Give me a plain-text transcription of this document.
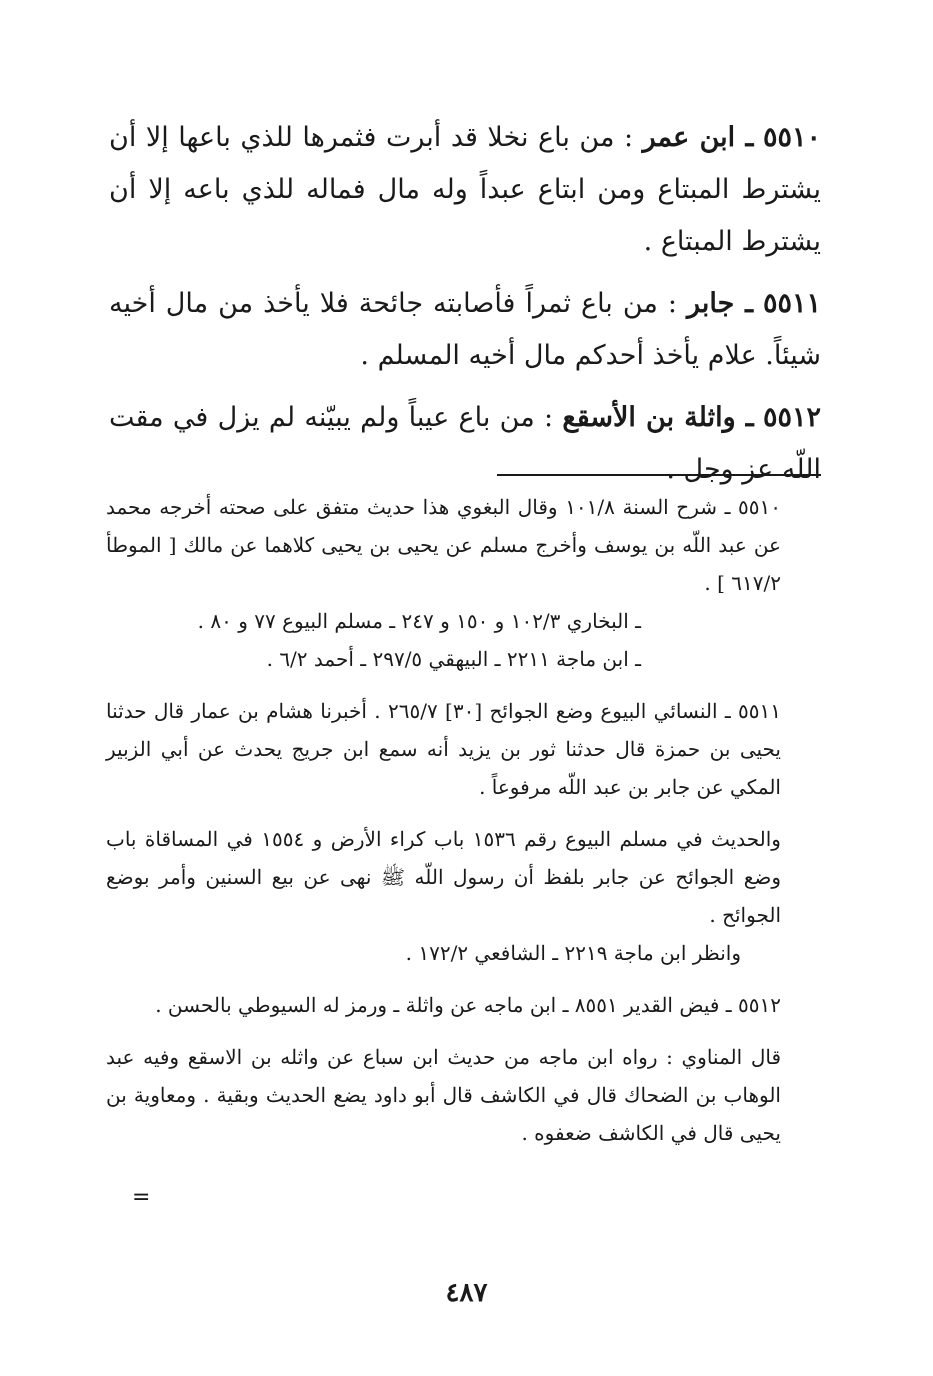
٥٥١٠ ـ ابن عمر : من باع نخلا قد أبرت فثمرها للذي باعها إلا أن يشترط المبتاع ومن ابتاع عبداً وله مال فماله للذي باعه إلا أن يشترط المبتاع .

٥٥١١ ـ جابر : من باع ثمراً فأصابته جائحة فلا يأخذ من مال أخيه شيئاً. علام يأخذ أحدكم مال أخيه المسلم .

٥٥١٢ ـ واثلة بن الأسقع : من باع عيباً ولم يبيّنه لم يزل في مقت اللّه عز وجل .

٥٥١٠ ـ شرح السنة ١٠١/٨ وقال البغوي هذا حديث متفق على صحته أخرجه محمد عن عبد اللّه بن يوسف وأخرج مسلم عن يحيى بن يحيى كلاهما عن مالك [ الموطأ ٦١٧/٢ ] .
ـ البخاري ١٠٢/٣ و ١٥٠ و ٢٤٧ ـ مسلم البيوع ٧٧ و ٨٠ .
ـ ابن ماجة ٢٢١١ ـ البيهقي ٢٩٧/٥ ـ أحمد ٦/٢ .

٥٥١١ ـ النسائي البيوع وضع الجوائح [٣٠] ٢٦٥/٧ . أخبرنا هشام بن عمار قال حدثنا يحيى بن حمزة قال حدثنا ثور بن يزيد أنه سمع ابن جريج يحدث عن أبي الزبير المكي عن جابر بن عبد اللّه مرفوعاً .

والحديث في مسلم البيوع رقم ١٥٣٦ باب كراء الأرض و ١٥٥٤ في المساقاة باب وضع الجوائح عن جابر بلفظ أن رسول اللّه ﷺ نهى عن بيع السنين وأمر بوضع الجوائح .
وانظر ابن ماجة ٢٢١٩ ـ الشافعي ١٧٢/٢ .

٥٥١٢ ـ فيض القدير ٨٥٥١ ـ ابن ماجه عن واثلة ـ ورمز له السيوطي بالحسن .

قال المناوي : رواه ابن ماجه من حديث ابن سباع عن واثله بن الاسقع وفيه عبد الوهاب بن الضحاك قال في الكاشف قال أبو داود يضع الحديث وبقية . ومعاوية بن يحيى قال في الكاشف ضعفوه .

=
٤٨٧
